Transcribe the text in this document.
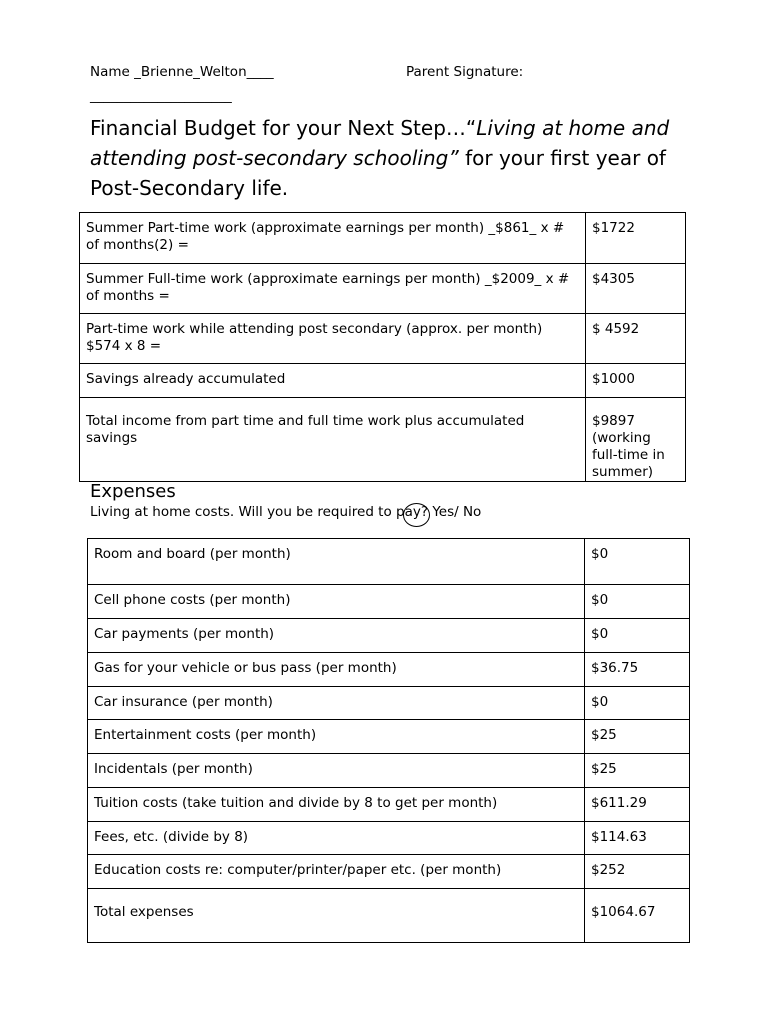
Name _Brienne_Welton____	Parent Signature:
_____________________
Financial Budget for your Next Step…“Living at home and attending post-secondary schooling” for your first year of Post-Secondary life.
Summer Part-time work (approximate earnings per month) _$861_ x # of months(2) =	$1722
Summer Full-time work (approximate earnings per month) _$2009_ x # of months =	$4305
Part-time work while attending post secondary (approx. per month) $574 x 8 =	$ 4592
Savings already accumulated	$1000
Total income from part time and full time work plus accumulated savings	$9897 (working full-time in summer)
Expenses
Living at home costs. Will you be required to pay? Yes/ No
Room and board (per month)	$0
Cell phone costs (per month)	$0
Car payments (per month)	$0
Gas for your vehicle or bus pass (per month)	$36.75
Car insurance (per month)	$0
Entertainment costs (per month)	$25
Incidentals (per month)	$25
Tuition costs (take tuition and divide by 8 to get per month)	$611.29
Fees, etc. (divide by 8)	$114.63
Education costs re: computer/printer/paper etc. (per month)	$252
Total expenses	$1064.67
